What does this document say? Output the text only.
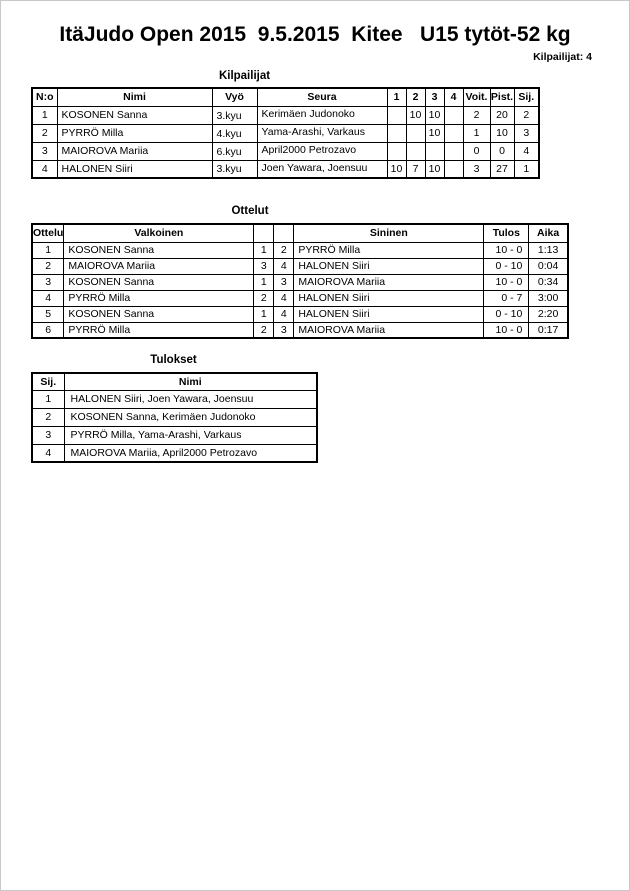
ItäJudo Open 2015  9.5.2015  Kitee   U15 tytöt-52 kg
Kilpailijat: 4
Kilpailijat
N:o	Nimi	Vyö	Seura	1	2	3	4	Voit.	Pist.	Sij.
1	KOSONEN Sanna	3.kyu	Kerimäen Judonoko		10	10		2	20	2
2	PYRRÖ Milla	4.kyu	Yama-Arashi, Varkaus			10		1	10	3
3	MAIOROVA Mariia	6.kyu	April2000 Petrozavo					0	0	4
4	HALONEN Siiri	3.kyu	Joen Yawara, Joensuu	10	7	10		3	27	1
Ottelut
Ottelu	Valkoinen			Sininen	Tulos	Aika
1	KOSONEN Sanna	1	2	PYRRÖ Milla	10 - 0	1:13
2	MAIOROVA Mariia	3	4	HALONEN Siiri	0 - 10	0:04
3	KOSONEN Sanna	1	3	MAIOROVA Mariia	10 - 0	0:34
4	PYRRÖ Milla	2	4	HALONEN Siiri	0 - 7	3:00
5	KOSONEN Sanna	1	4	HALONEN Siiri	0 - 10	2:20
6	PYRRÖ Milla	2	3	MAIOROVA Mariia	10 - 0	0:17
Tulokset
Sij.	Nimi
1	HALONEN Siiri, Joen Yawara, Joensuu
2	KOSONEN Sanna, Kerimäen Judonoko
3	PYRRÖ Milla, Yama-Arashi, Varkaus
4	MAIOROVA Mariia, April2000 Petrozavo
